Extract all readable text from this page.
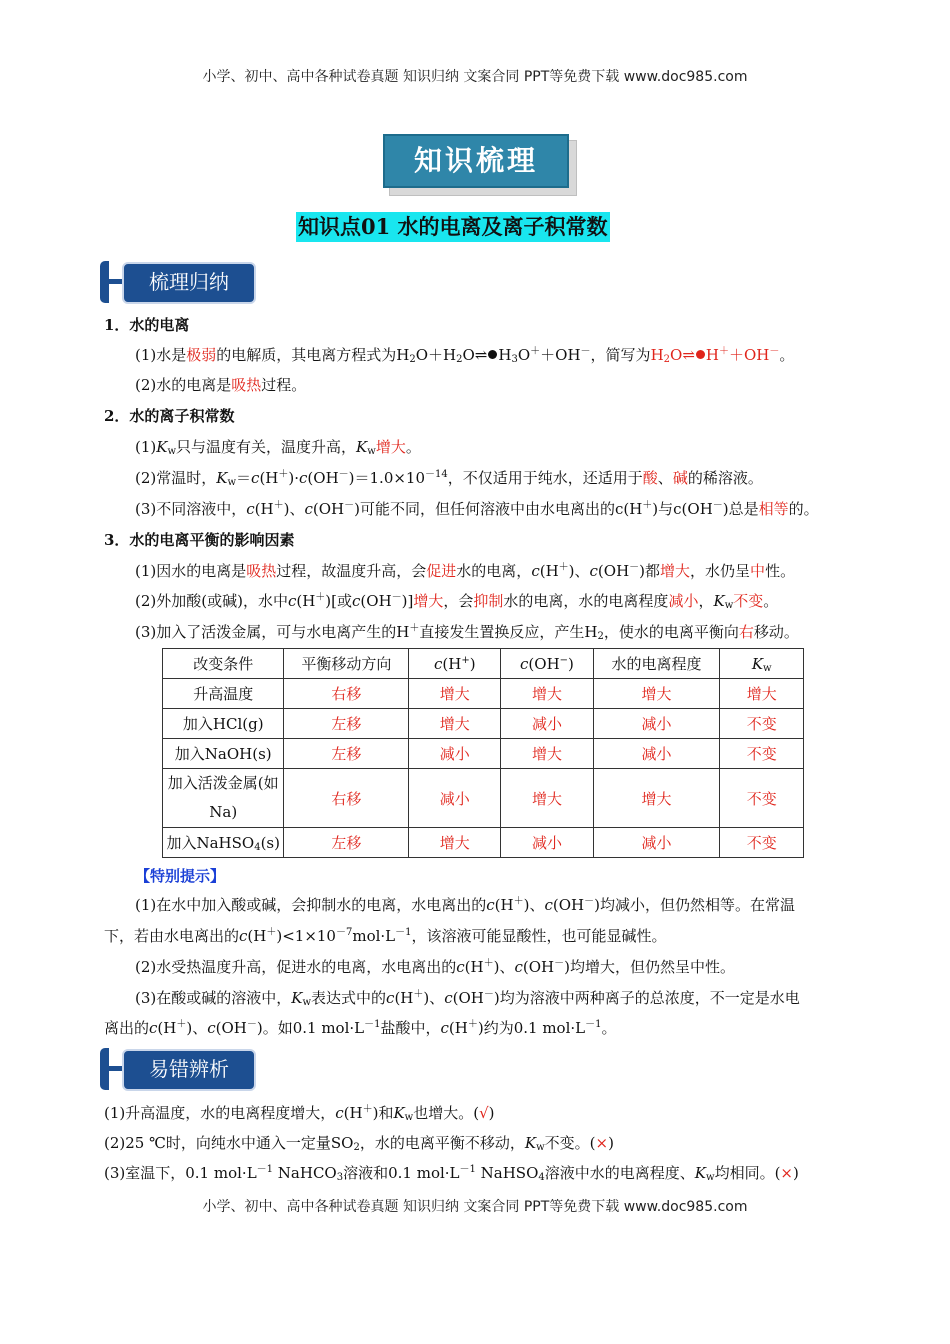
小学、初中、高中各种试卷真题 知识归纳 文案合同 PPT等免费下载 www.doc985.com
知识梳理
知识点01 水的电离及离子积常数
梳理归纳
1．水的电离
(1)水是极弱的电解质，其电离方程式为$H_2O+H_2O\rightleftharpoons$ $H_3O^++OH^-$，简写为$H_2O\rightleftharpoons$ H＋＋OH－。
(2)水的电离是吸热过程。
2．水的离子积常数
$(1)K_w$只与温度有关，温度升高，$K_w$增大。
(2)常温时，$K_w=c(H^+)\cdot c(OH^-)=1.0\times 10^{-14}$，不仅适用于纯水，还适用于酸、碱的稀溶液。
(3)不同溶液中，c(H＋)、c(OH－)可能不同，但任何溶液中由水电离出的c(H＋)与c(OH－)总是相等的。
3．水的电离平衡的影响因素
(1)因水的电离是吸热过程，故温度升高，会促进水的电离，c(H＋)、c(OH－)都增大，水仍呈中性。
(2)外加酸(或碱)，水中c(H＋)[或c(OH－)]增大，会抑制水的电离，水的电离程度减小，$K_w$不变。
(3)加入了活泼金属，可与水电离产生的H＋直接发生置换反应，产生$H_2$，使水的电离平衡向右移动。
改变条件	平衡移动方向	c(H+)	c(OH−)	水的电离程度	$K_w$
升高温度	右移	增大	增大	增大	增大
加入HCl(g)	左移	增大	减小	减小	不变
加入NaOH(s)	左移	减小	增大	减小	不变
加入活泼金属(如Na)	右移	减小	增大	增大	不变
加入NaHSO$_4$(s)	左移	增大	减小	减小	不变
【特别提示】
(1)在水中加入酸或碱，会抑制水的电离，水电离出的c(H＋)、c(OH－)均减小，但仍然相等。在常温
下，若由水电离出的$c(H^+)<1\times 10^{-7}mol\cdot L^{-1}$，该溶液可能显酸性，也可能显碱性。
(2)水受热温度升高，促进水的电离，水电离出的c(H＋)、c(OH－)均增大，但仍然呈中性。
(3)在酸或碱的溶液中，$K_w$表达式中的c(H＋)、c(OH－)均为溶液中两种离子的总浓度，不一定是水电
离出的c(H＋)、c(OH－)。如0.1 $mol\cdot L^{-1}$盐酸中，c(H＋)约为0.1 $mol\cdot L^{-1}$。
易错辨析
(1)升高温度，水的电离程度增大，c(H＋)和$K_w$也增大。(√)
(2)25 ℃时，向纯水中通入一定量$SO_2$，水的电离平衡不移动，$K_w$不变。(×)
(3)室温下，0.1 $mol\cdot L^{-1}$ NaHCO$_3$溶液和0.1 $mol\cdot L^{-1}$ NaHSO$_4$溶液中水的电离程度、$K_w$均相同。(×)
小学、初中、高中各种试卷真题 知识归纳 文案合同 PPT等免费下载 www.doc985.com
